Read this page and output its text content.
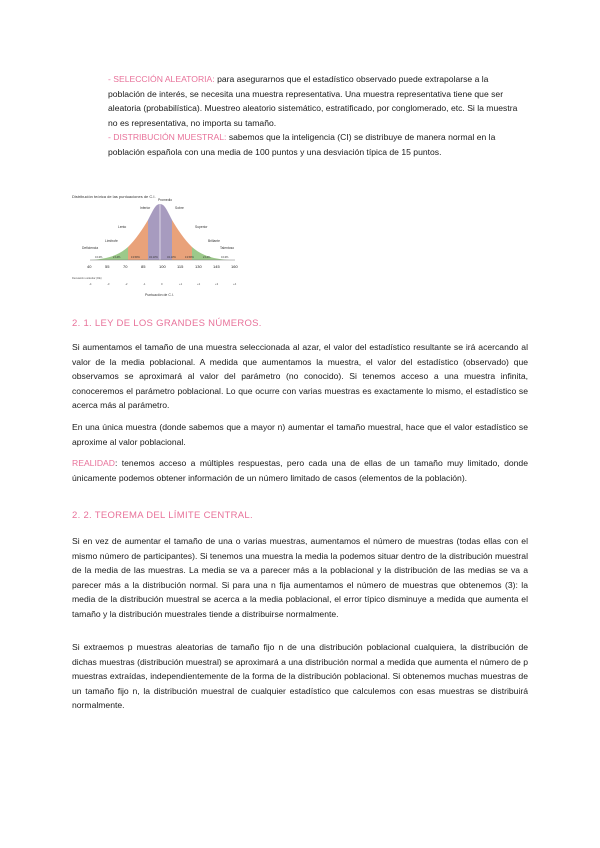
- SELECCIÓN ALEATORIA: para asegurarnos que el estadístico observado puede extrapolarse a la población de interés, se necesita una muestra representativa. Una muestra representativa tiene que ser aleatoria (probabilística). Muestreo aleatorio sistemático, estratificado, por conglomerado, etc. Si la muestra no es representativa, no importa su tamaño.

- DISTRIBUCIÓN MUESTRAL: sabemos que la inteligencia (CI) se distribuye de manera normal en la población española con una media de 100 puntos y una desviación típica de 15 puntos.

Distribución teórica de las puntuaciones de C.I.
Promedio
Inferior	Sobre
Lento	Superior
Limítrofe	Brillante
Deficiencia	Talentoso
0.13%	2.14%	13.59%	34.13%	34.13%	13.59%	2.14%	0.13%
40	55	70	85	100	115	130	145	160
Desviación estándar (DE)
-4	-3	-2	-1	0	+1	+2	+3	+4
Puntuación de C.I.
2. 1. LEY DE LOS GRANDES NÚMEROS.

Si aumentamos el tamaño de una muestra seleccionada al azar, el valor del estadístico resultante se irá acercando al valor de la media poblacional. A medida que aumentamos la muestra, el valor del estadístico (observado) que observamos se aproximará al valor del parámetro (no conocido). Si tenemos acceso a una muestra infinita, conoceremos el parámetro poblacional. Lo que ocurre con varias muestras es exactamente lo mismo, el estadístico se acerca más al parámetro.

En una única muestra (donde sabemos que a mayor n) aumentar el tamaño muestral, hace que el valor estadístico se aproxime al valor poblacional.

REALIDAD: tenemos acceso a múltiples respuestas, pero cada una de ellas de un tamaño muy limitado, donde únicamente podemos obtener información de un número limitado de casos (elementos de la población).

2. 2. TEOREMA DEL LÍMITE CENTRAL.

Si en vez de aumentar el tamaño de una o varias muestras, aumentamos el número de muestras (todas ellas con el mismo número de participantes). Si tenemos una muestra la media la podemos situar dentro de la distribución muestral de la media de las muestras. La media se va a parecer más a la poblacional y la distribución de las medias se va a parecer más a la distribución normal. Si para una n fija aumentamos el número de muestras que obtenemos (3): la media de la distribución muestral se acerca a la media poblacional, el error típico disminuye a medida que aumenta el tamaño y la distribución muestrales tiende a distribuirse normalmente.

Si extraemos p muestras aleatorias de tamaño fijo n de una distribución poblacional cualquiera, la distribución de dichas muestras (distribución muestral) se aproximará a una distribución normal a medida que aumenta el número de p muestras extraídas, independientemente de la forma de la distribución poblacional. Si obtenemos muchas muestras de un tamaño fijo n, la distribución muestral de cualquier estadístico que calculemos con esas muestras se distribuirá normalmente.
